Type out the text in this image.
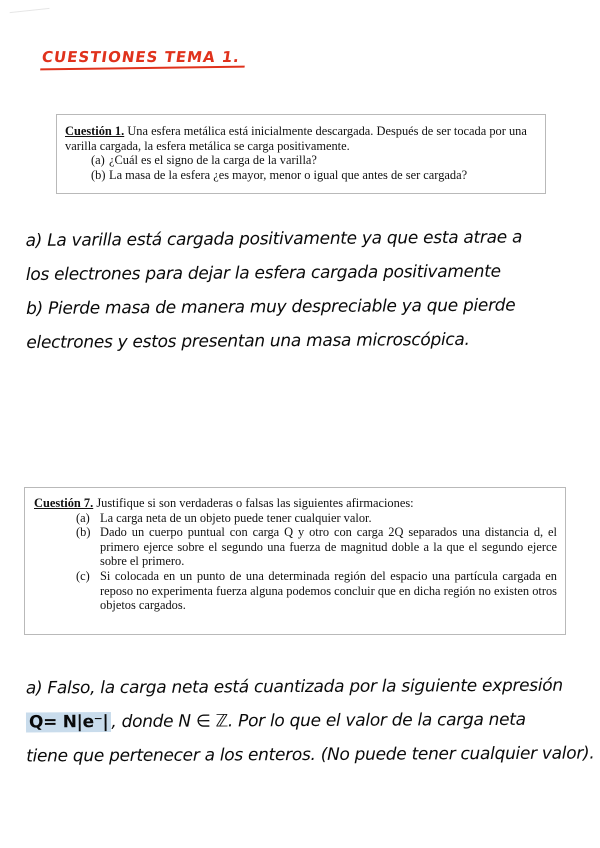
CUESTIONES TEMA 1.
Cuestión 1. Una esfera metálica está inicialmente descargada. Después de ser tocada por una varilla cargada, la esfera metálica se carga positivamente.
(a) ¿Cuál es el signo de la carga de la varilla?
(b) La masa de la esfera ¿es mayor, menor o igual que antes de ser cargada?
a) La varilla está cargada positivamente ya que esta atrae a
los electrones para dejar la esfera cargada positivamente
b) Pierde masa de manera muy despreciable ya que pierde
electrones y estos presentan una masa microscópica.
Cuestión 7. Justifique si son verdaderas o falsas las siguientes afirmaciones:
(a) La carga neta de un objeto puede tener cualquier valor.
(b) Dado un cuerpo puntual con carga Q y otro con carga 2Q separados una distancia d, el primero ejerce sobre el segundo una fuerza de magnitud doble a la que el segundo ejerce sobre el primero.
(c) Si colocada en un punto de una determinada región del espacio una partícula cargada en reposo no experimenta fuerza alguna podemos concluir que en dicha región no existen otros objetos cargados.
a) Falso, la carga neta está cuantizada por la siguiente expresión
Q= N|e⁻| , donde N ∈ ℤ. Por lo que el valor de la carga neta
tiene que pertenecer a los enteros. (No puede tener cualquier valor).
